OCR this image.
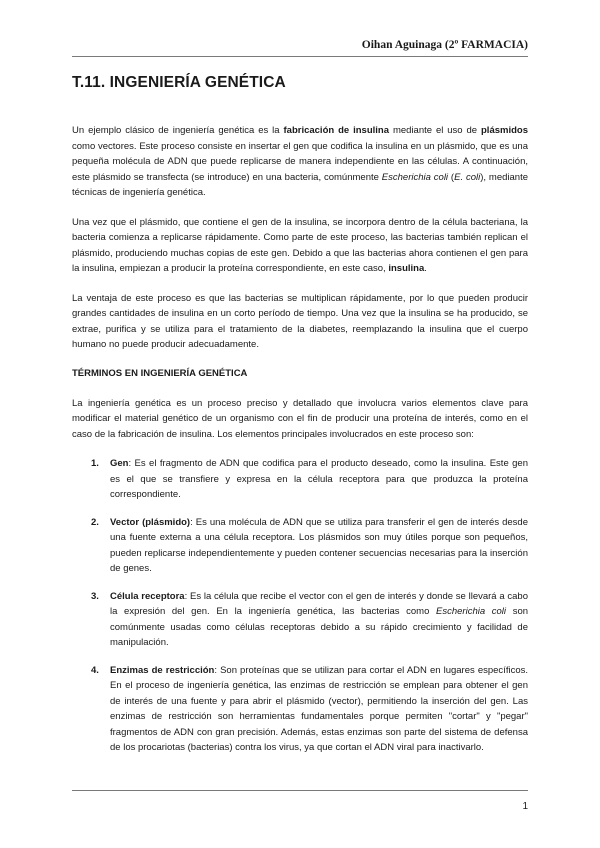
Oihan Aguinaga (2º FARMACIA)
T.11. INGENIERÍA GENÉTICA

Un ejemplo clásico de ingeniería genética es la fabricación de insulina mediante el uso de plásmidos como vectores. Este proceso consiste en insertar el gen que codifica la insulina en un plásmido, que es una pequeña molécula de ADN que puede replicarse de manera independiente en las células. A continuación, este plásmido se transfecta (se introduce) en una bacteria, comúnmente Escherichia coli (E. coli), mediante técnicas de ingeniería genética.

Una vez que el plásmido, que contiene el gen de la insulina, se incorpora dentro de la célula bacteriana, la bacteria comienza a replicarse rápidamente. Como parte de este proceso, las bacterias también replican el plásmido, produciendo muchas copias de este gen. Debido a que las bacterias ahora contienen el gen para la insulina, empiezan a producir la proteína correspondiente, en este caso, insulina.

La ventaja de este proceso es que las bacterias se multiplican rápidamente, por lo que pueden producir grandes cantidades de insulina en un corto período de tiempo. Una vez que la insulina se ha producido, se extrae, purifica y se utiliza para el tratamiento de la diabetes, reemplazando la insulina que el cuerpo humano no puede producir adecuadamente.

TÉRMINOS EN INGENIERÍA GENÉTICA

La ingeniería genética es un proceso preciso y detallado que involucra varios elementos clave para modificar el material genético de un organismo con el fin de producir una proteína de interés, como en el caso de la fabricación de insulina. Los elementos principales involucrados en este proceso son:

1. Gen: Es el fragmento de ADN que codifica para el producto deseado, como la insulina. Este gen es el que se transfiere y expresa en la célula receptora para que produzca la proteína correspondiente.
2. Vector (plásmido): Es una molécula de ADN que se utiliza para transferir el gen de interés desde una fuente externa a una célula receptora. Los plásmidos son muy útiles porque son pequeños, pueden replicarse independientemente y pueden contener secuencias necesarias para la inserción de genes.
3. Célula receptora: Es la célula que recibe el vector con el gen de interés y donde se llevará a cabo la expresión del gen. En la ingeniería genética, las bacterias como Escherichia coli son comúnmente usadas como células receptoras debido a su rápido crecimiento y facilidad de manipulación.
4. Enzimas de restricción: Son proteínas que se utilizan para cortar el ADN en lugares específicos. En el proceso de ingeniería genética, las enzimas de restricción se emplean para obtener el gen de interés de una fuente y para abrir el plásmido (vector), permitiendo la inserción del gen. Las enzimas de restricción son herramientas fundamentales porque permiten "cortar" y "pegar" fragmentos de ADN con gran precisión. Además, estas enzimas son parte del sistema de defensa de los procariotas (bacterias) contra los virus, ya que cortan el ADN viral para inactivarlo.
1
